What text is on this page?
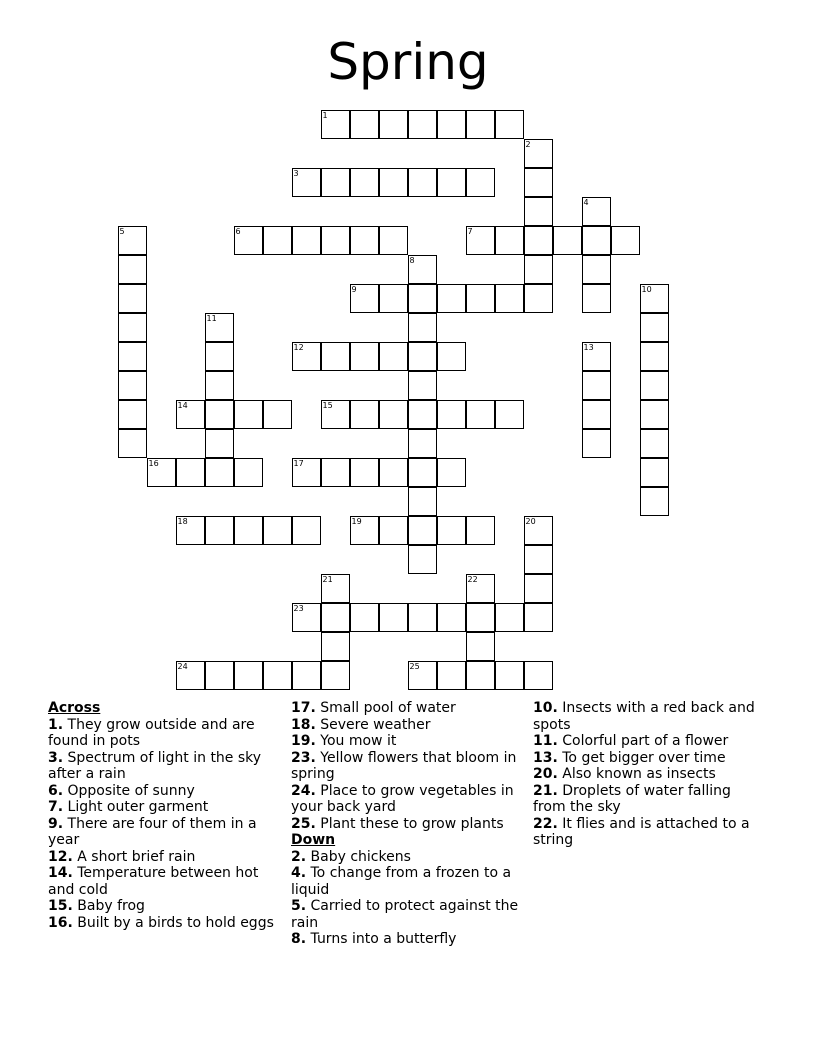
Spring
1
3
6	7
9
12
14	15
16	17
18	19
23
24	25
2
4
5
8
10
11
13
20
21	22

Across

1. They grow outside and are found in pots

3. Spectrum of light in the sky after a rain

6. Opposite of sunny

7. Light outer garment

9. There are four of them in a year

12. A short brief rain

14. Temperature between hot and cold

15. Baby frog

16. Built by a birds to hold eggs

17. Small pool of water

18. Severe weather

19. You mow it

23. Yellow flowers that bloom in spring

24. Place to grow vegetables in your back yard

25. Plant these to grow plants

Down

2. Baby chickens

4. To change from a frozen to a liquid

5. Carried to protect against the rain

8. Turns into a butterfly

10. Insects with a red back and spots

11. Colorful part of a flower

13. To get bigger over time

20. Also known as insects

21. Droplets of water falling from the sky

22. It flies and is attached to a string
